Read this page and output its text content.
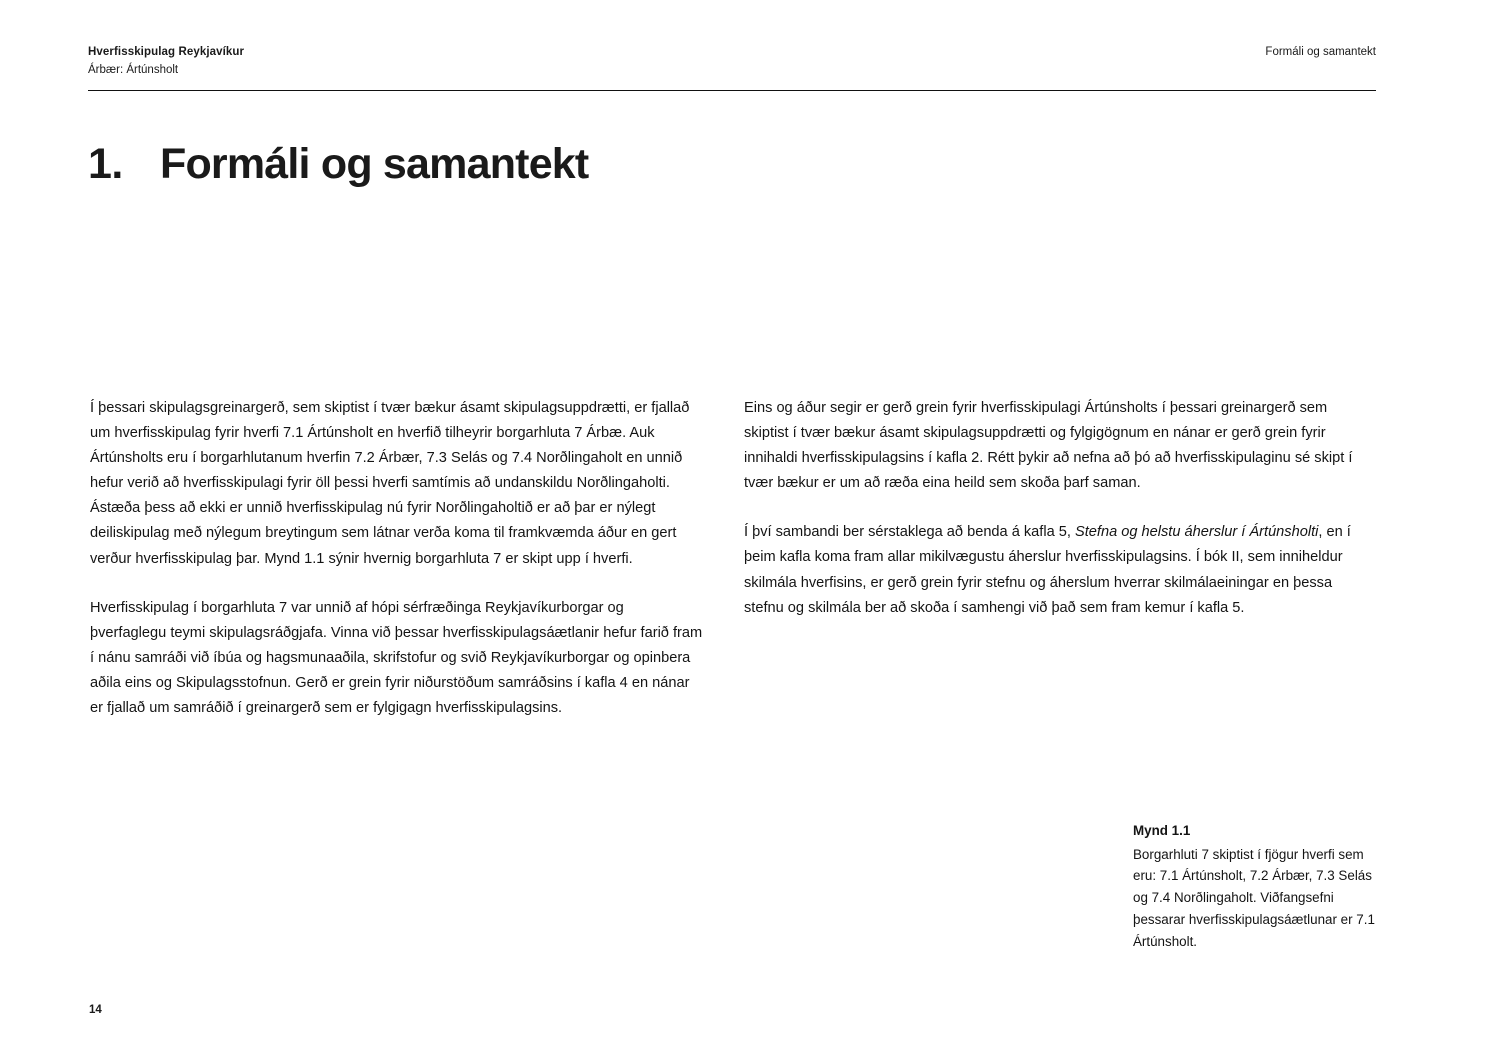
Hverfisskipulag Reykjavíkur
Árbær: Ártúnsholt
Formáli og samantekt
1. Formáli og samantekt

Í þessari skipulagsgreinargerð, sem skiptist í tvær bækur ásamt skipulagsuppdrætti, er fjallað um hverfisskipulag fyrir hverfi 7.1 Ártúnsholt en hverfið tilheyrir borgarhluta 7 Árbæ. Auk Ártúnsholts eru í borgarhlutanum hverfin 7.2 Árbær, 7.3 Selás og 7.4 Norðlingaholt en unnið hefur verið að hverfisskipulagi fyrir öll þessi hverfi samtímis að undanskildu Norðlingaholti. Ástæða þess að ekki er unnið hverfisskipulag nú fyrir Norðlingaholtið er að þar er nýlegt deiliskipulag með nýlegum breytingum sem látnar verða koma til framkvæmda áður en gert verður hverfisskipulag þar. Mynd 1.1 sýnir hvernig borgarhluta 7 er skipt upp í hverfi.

Hverfisskipulag í borgarhluta 7 var unnið af hópi sérfræðinga Reykjavíkurborgar og þverfaglegu teymi skipulagsráðgjafa. Vinna við þessar hverfisskipulagsáætlanir hefur farið fram í nánu samráði við íbúa og hagsmunaaðila, skrifstofur og svið Reykjavíkurborgar og opinbera aðila eins og Skipulagsstofnun. Gerð er grein fyrir niðurstöðum samráðsins í kafla 4 en nánar er fjallað um samráðið í greinargerð sem er fylgigagn hverfisskipulagsins.

Eins og áður segir er gerð grein fyrir hverfisskipulagi Ártúnsholts í þessari greinargerð sem skiptist í tvær bækur ásamt skipulagsuppdrætti og fylgigögnum en nánar er gerð grein fyrir innihaldi hverfisskipulagsins í kafla 2. Rétt þykir að nefna að þó að hverfisskipulaginu sé skipt í tvær bækur er um að ræða eina heild sem skoða þarf saman.

Í því sambandi ber sérstaklega að benda á kafla 5, Stefna og helstu áherslur í Ártúnsholti, en í þeim kafla koma fram allar mikilvægustu áherslur hverfisskipulagsins. Í bók II, sem inniheldur skilmála hverfisins, er gerð grein fyrir stefnu og áherslum hverrar skilmálaeiningar en þessa stefnu og skilmála ber að skoða í samhengi við það sem fram kemur í kafla 5.

Mynd 1.1
Borgarhluti 7 skiptist í fjögur hverfi sem eru: 7.1 Ártúnsholt, 7.2 Árbær, 7.3 Selás og 7.4 Norðlingaholt. Viðfangsefni þessarar hverfisskipulagsáætlunar er 7.1 Ártúnsholt.
14
